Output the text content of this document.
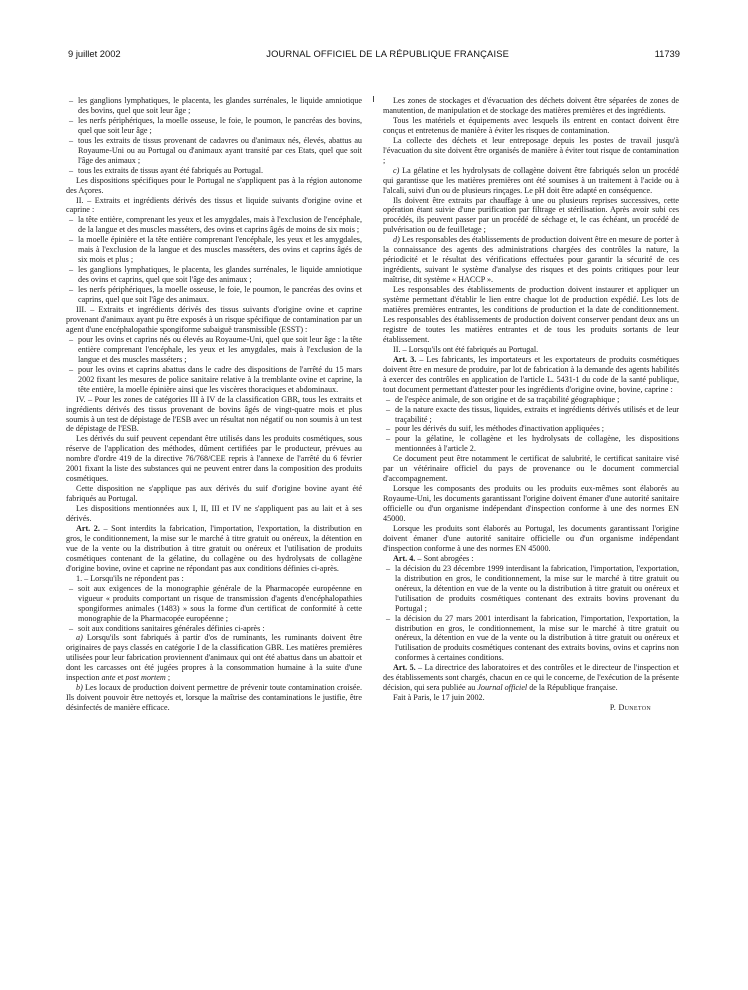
9 juillet 2002	JOURNAL OFFICIEL DE LA RÉPUBLIQUE FRANÇAISE	11739
– les ganglions lymphatiques, le placenta, les glandes surrénales, le liquide amniotique des bovins, quel que soit leur âge ;
– les nerfs périphériques, la moelle osseuse, le foie, le poumon, le pancréas des bovins, quel que soit leur âge ;
– tous les extraits de tissus provenant de cadavres ou d'animaux nés, élevés, abattus au Royaume-Uni ou au Portugal ou d'animaux ayant transité par ces Etats, quel que soit l'âge des animaux ;
– tous les extraits de tissus ayant été fabriqués au Portugal.

Les dispositions spécifiques pour le Portugal ne s'appliquent pas à la région autonome des Açores.

II. – Extraits et ingrédients dérivés des tissus et liquide suivants d'origine ovine et caprine :

– la tête entière, comprenant les yeux et les amygdales, mais à l'exclusion de l'encéphale, de la langue et des muscles masséters, des ovins et caprins âgés de moins de six mois ;
– la moelle épinière et la tête entière comprenant l'encéphale, les yeux et les amygdales, mais à l'exclusion de la langue et des muscles masséters, des ovins et caprins âgés de six mois et plus ;
– les ganglions lymphatiques, le placenta, les glandes surrénales, le liquide amniotique des ovins et caprins, quel que soit l'âge des animaux ;
– les nerfs périphériques, la moelle osseuse, le foie, le poumon, le pancréas des ovins et caprins, quel que soit l'âge des animaux.

III. – Extraits et ingrédients dérivés des tissus suivants d'origine ovine et caprine provenant d'animaux ayant pu être exposés à un risque spécifique de contamination par un agent d'une encéphalopathie spongiforme subaiguë transmissible (ESST) :

– pour les ovins et caprins nés ou élevés au Royaume-Uni, quel que soit leur âge : la tête entière comprenant l'encéphale, les yeux et les amygdales, mais à l'exclusion de la langue et des muscles masséters ;
– pour les ovins et caprins abattus dans le cadre des dispositions de l'arrêté du 15 mars 2002 fixant les mesures de police sanitaire relative à la tremblante ovine et caprine, la tête entière, la moelle épinière ainsi que les viscères thoraciques et abdominaux.

IV. – Pour les zones de catégories III à IV de la classification GBR, tous les extraits et ingrédients dérivés des tissus provenant de bovins âgés de vingt-quatre mois et plus soumis à un test de dépistage de l'ESB avec un résultat non négatif ou non soumis à un test de dépistage de l'ESB.

Les dérivés du suif peuvent cependant être utilisés dans les produits cosmétiques, sous réserve de l'application des méthodes, dûment certifiées par le producteur, prévues au nombre d'ordre 419 de la directive 76/768/CEE repris à l'annexe de l'arrêté du 6 février 2001 fixant la liste des substances qui ne peuvent entrer dans la composition des produits cosmétiques.

Cette disposition ne s'applique pas aux dérivés du suif d'origine bovine ayant été fabriqués au Portugal.

Les dispositions mentionnées aux I, II, III et IV ne s'appliquent pas au lait et à ses dérivés.

Art. 2. – Sont interdits la fabrication, l'importation, l'exportation, la distribution en gros, le conditionnement, la mise sur le marché à titre gratuit ou onéreux, la détention en vue de la vente ou la distribution à titre gratuit ou onéreux et l'utilisation de produits cosmétiques contenant de la gélatine, du collagène ou des hydrolysats de collagène d'origine bovine, ovine et caprine ne répondant pas aux conditions définies ci-après.

1. – Lorsqu'ils ne répondent pas :

– soit aux exigences de la monographie générale de la Pharmacopée européenne en vigueur « produits comportant un risque de transmission d'agents d'encéphalopathies spongiformes animales (1483) » sous la forme d'un certificat de conformité à cette monographie de la Pharmacopée européenne ;
– soit aux conditions sanitaires générales définies ci-après :

a) Lorsqu'ils sont fabriqués à partir d'os de ruminants, les ruminants doivent être originaires de pays classés en catégorie I de la classification GBR. Les matières premières utilisées pour leur fabrication proviennent d'animaux qui ont été abattus dans un abattoir et dont les carcasses ont été jugées propres à la consommation humaine à la suite d'une inspection ante et post mortem ;

b) Les locaux de production doivent permettre de prévenir toute contamination croisée. Ils doivent pouvoir être nettoyés et, lorsque la maîtrise des contaminations le justifie, être désinfectés de manière efficace.

Les zones de stockages et d'évacuation des déchets doivent être séparées de zones de manutention, de manipulation et de stockage des matières premières et des ingrédients.

Tous les matériels et équipements avec lesquels ils entrent en contact doivent être conçus et entretenus de manière à éviter les risques de contamination.

La collecte des déchets et leur entreposage depuis les postes de travail jusqu'à l'évacuation du site doivent être organisés de manière à éviter tout risque de contamination ;

c) La gélatine et les hydrolysats de collagène doivent être fabriqués selon un procédé qui garantisse que les matières premières ont été soumises à un traitement à l'acide ou à l'alcali, suivi d'un ou de plusieurs rinçages. Le pH doit être adapté en conséquence.

Ils doivent être extraits par chauffage à une ou plusieurs reprises successives, cette opération étant suivie d'une purification par filtrage et stérilisation. Après avoir subi ces procédés, ils peuvent passer par un procédé de séchage et, le cas échéant, un procédé de pulvérisation ou de feuilletage ;

d) Les responsables des établissements de production doivent être en mesure de porter à la connaissance des agents des administrations chargées des contrôles la nature, la périodicité et le résultat des vérifications effectuées pour garantir la sécurité de ces ingrédients, suivant le système d'analyse des risques et des points critiques pour leur maîtrise, dit système « HACCP ».

Les responsables des établissements de production doivent instaurer et appliquer un système permettant d'établir le lien entre chaque lot de production expédié. Les lots de matières premières entrantes, les conditions de production et la date de conditionnement. Les responsables des établissements de production doivent conserver pendant deux ans un registre de toutes les matières entrantes et de tous les produits sortants de leur établissement.

II. – Lorsqu'ils ont été fabriqués au Portugal.

Art. 3. – Les fabricants, les importateurs et les exportateurs de produits cosmétiques doivent être en mesure de produire, par lot de fabrication à la demande des agents habilités à exercer des contrôles en application de l'article L. 5431-1 du code de la santé publique, tout document permettant d'attester pour les ingrédients d'origine ovine, bovine, caprine :

– de l'espèce animale, de son origine et de sa traçabilité géographique ;
– de la nature exacte des tissus, liquides, extraits et ingrédients dérivés utilisés et de leur traçabilité ;
– pour les dérivés du suif, les méthodes d'inactivation appliquées ;
– pour la gélatine, le collagène et les hydrolysats de collagène, les dispositions mentionnées à l'article 2.

Ce document peut être notamment le certificat de salubrité, le certificat sanitaire visé par un vétérinaire officiel du pays de provenance ou le document commercial d'accompagnement.

Lorsque les composants des produits ou les produits eux-mêmes sont élaborés au Royaume-Uni, les documents garantissant l'origine doivent émaner d'une autorité sanitaire officielle ou d'un organisme indépendant d'inspection conforme à une des normes EN 45000.

Lorsque les produits sont élaborés au Portugal, les documents garantissant l'origine doivent émaner d'une autorité sanitaire officielle ou d'un organisme indépendant d'inspection conforme à une des normes EN 45000.

Art. 4. – Sont abrogées :

– la décision du 23 décembre 1999 interdisant la fabrication, l'importation, l'exportation, la distribution en gros, le conditionnement, la mise sur le marché à titre gratuit ou onéreux, la détention en vue de la vente ou la distribution à titre gratuit ou onéreux et l'utilisation de produits cosmétiques contenant des extraits bovins provenant du Portugal ;
– la décision du 27 mars 2001 interdisant la fabrication, l'importation, l'exportation, la distribution en gros, le conditionnement, la mise sur le marché à titre gratuit ou onéreux, la détention en vue de la vente ou la distribution à titre gratuit ou onéreux et l'utilisation de produits cosmétiques contenant des extraits bovins, ovins et caprins non conformes à certaines conditions.

Art. 5. – La directrice des laboratoires et des contrôles et le directeur de l'inspection et des établissements sont chargés, chacun en ce qui le concerne, de l'exécution de la présente décision, qui sera publiée au Journal officiel de la République française.

Fait à Paris, le 17 juin 2002.

P. Duneton
